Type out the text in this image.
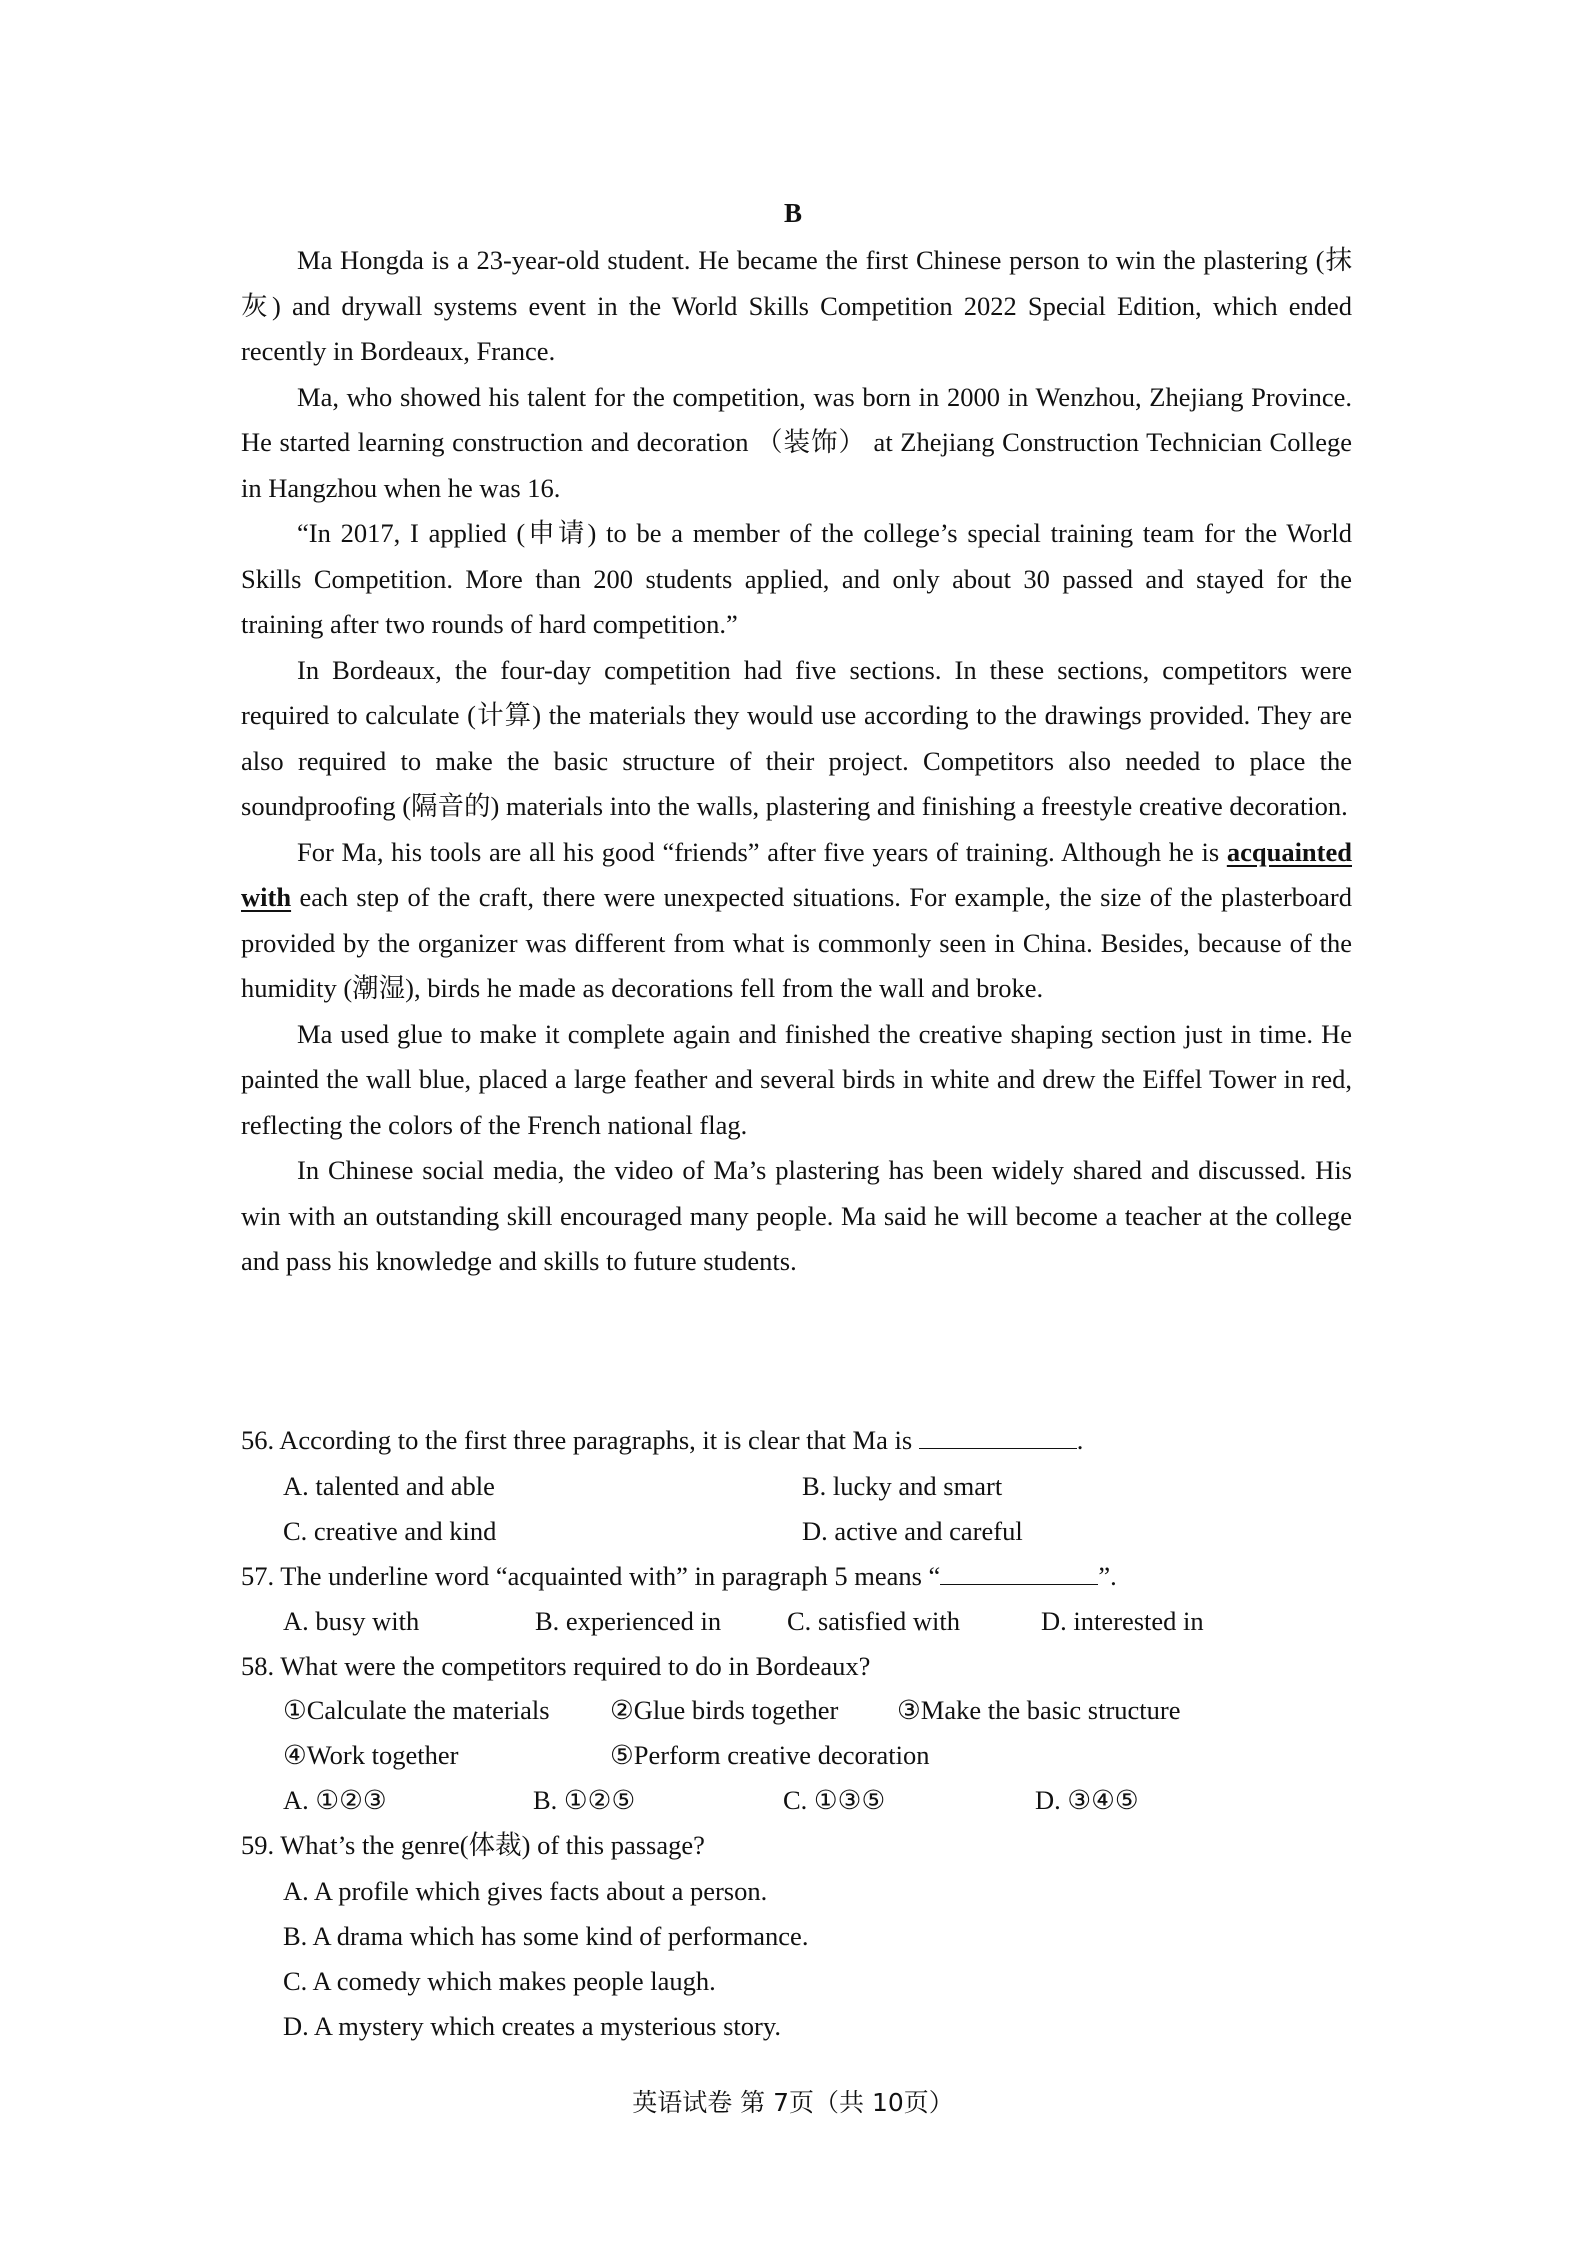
B

Ma Hongda is a 23-year-old student. He became the first Chinese person to win the plastering (抹灰) and drywall systems event in the World Skills Competition 2022 Special Edition, which ended recently in Bordeaux, France.

Ma, who showed his talent for the competition, was born in 2000 in Wenzhou, Zhejiang Province. He started learning construction and decoration （装饰） at Zhejiang Construction Technician College in Hangzhou when he was 16.

“In 2017, I applied (申请) to be a member of the college’s special training team for the World Skills Competition. More than 200 students applied, and only about 30 passed and stayed for the training after two rounds of hard competition.”

In Bordeaux, the four-day competition had five sections. In these sections, competitors were required to calculate (计算) the materials they would use according to the drawings provided. They are also required to make the basic structure of their project. Competitors also needed to place the soundproofing (隔音的) materials into the walls, plastering and finishing a freestyle creative decoration.

For Ma, his tools are all his good “friends” after five years of training. Although he is acquainted with each step of the craft, there were unexpected situations. For example, the size of the plasterboard provided by the organizer was different from what is commonly seen in China. Besides, because of the humidity (潮湿), birds he made as decorations fell from the wall and broke.

Ma used glue to make it complete again and finished the creative shaping section just in time. He painted the wall blue, placed a large feather and several birds in white and drew the Eiffel Tower in red, reflecting the colors of the French national flag.

In Chinese social media, the video of Ma’s plastering has been widely shared and discussed. His win with an outstanding skill encouraged many people. Ma said he will become a teacher at the college and pass his knowledge and skills to future students.

56. According to the first three paragraphs, it is clear that Ma is	.
A. talented and able	B. lucky and smart
C. creative and kind	D. active and careful
57. The underline word “acquainted with” in paragraph 5 means “	”.
A. busy with	B. experienced in C. satisfied with	D. interested in
58. What were the competitors required to do in Bordeaux?
①Calculate the materials ②Glue birds together ③Make the basic structure
④Work together	⑤Perform creative decoration
A. ①②③	B. ①②⑤	C. ①③⑤	D. ③④⑤
59. What’s the genre(体裁) of this passage?
A. A profile which gives facts about a person.
B. A drama which has some kind of performance.
C. A comedy which makes people laugh.
D. A mystery which creates a mysterious story.
英语试卷 第 7页（共 10页）
